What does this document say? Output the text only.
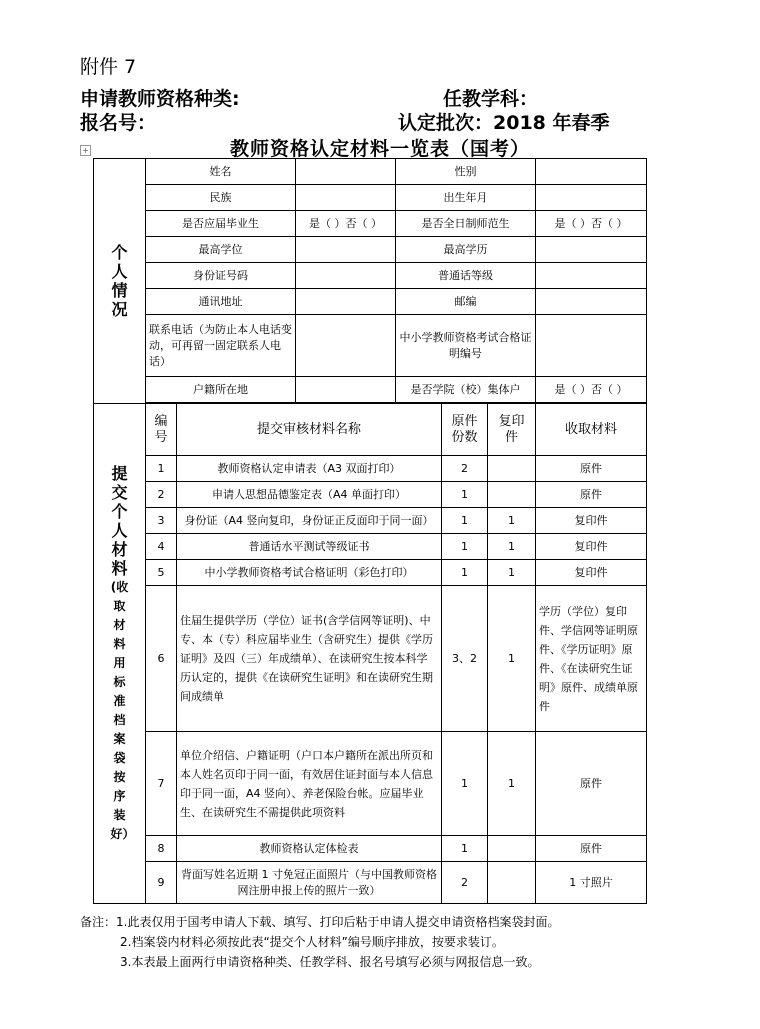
附件 7
申请教师资格种类:	任教学科：
报名号：	认定批次：2018 年春季
教师资格认定材料一览表（国考）
+
个人情况	姓名			性别			
	民族			出生年月			
	是否应届毕业生		是（ ）否（ ）	是否全日制师范生			是（ ）否（ ）
	最高学位			最高学历			
	身份证号码			普通话等级			
	通讯地址			邮编			
	联系电话（为防止本人电话变动，可再留一固定联系人电话）			中小学教师资格考试合格证明编号			
	户籍所在地			是否学院（校）集体户			是（ ）否（ ）

提交个人材料
(收取材料用标准档案袋按序装好）	编号	提交审核材料名称			原件份数	复印件	收取材料
	1	教师资格认定申请表（A3 双面打印）			2		原件
	2	申请人思想品德鉴定表（A4 单面打印）			1		原件
	3	身份证（A4 竖向复印，身份证正反面印于同一面）			1	1	复印件
	4	普通话水平测试等级证书			1	1	复印件
	5	中小学教师资格考试合格证明（彩色打印）			1	1	复印件
	6	住届生提供学历（学位）证书(含学信网等证明)、中专、本（专）科应届毕业生（含研究生）提供《学历证明》及四（三）年成绩单）、在读研究生按本科学历认定的，提供《在读研究生证明》和在读研究生期间成绩单			3、2	1	学历（学位）复印件、学信网等证明原件、《学历证明》原件、《在读研究生证明》原件、成绩单原件
	7	单位介绍信、户籍证明（户口本户籍所在派出所页和本人姓名页印于同一面，有效居住证封面与本人信息印于同一面，A4 竖向）、养老保险台帐。应届毕业生、在读研究生不需提供此项资料			1	1	原件
	8	教师资格认定体检表			1		原件
	9	背面写姓名近期 1 寸免冠正面照片（与中国教师资格网注册申报上传的照片一致）			2		1 寸照片
备注：1.此表仅用于国考申请人下载、填写、打印后粘于申请人提交申请资格档案袋封面。
2.档案袋内材料必须按此表“提交个人材料”编号顺序排放，按要求装订。
3.本表最上面两行申请资格种类、任教学科、报名号填写必须与网报信息一致。
